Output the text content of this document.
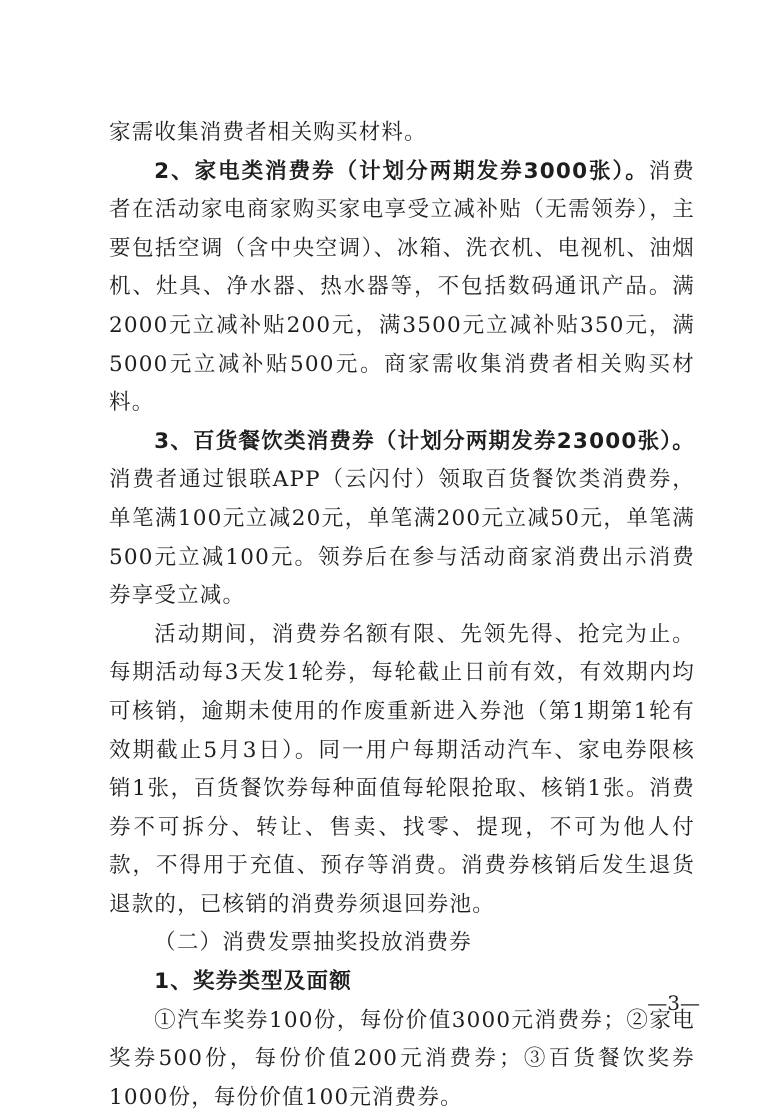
家需收集消费者相关购买材料。

2、家电类消费券（计划分两期发券3000张）。消费者在活动家电商家购买家电享受立减补贴（无需领券），主要包括空调（含中央空调）、冰箱、洗衣机、电视机、油烟机、灶具、净水器、热水器等，不包括数码通讯产品。满2000元立减补贴200元，满3500元立减补贴350元，满5000元立减补贴500元。商家需收集消费者相关购买材料。

3、百货餐饮类消费券（计划分两期发券23000张）。消费者通过银联APP（云闪付）领取百货餐饮类消费券，单笔满100元立减20元，单笔满200元立减50元，单笔满500元立减100元。领券后在参与活动商家消费出示消费券享受立减。

活动期间，消费券名额有限、先领先得、抢完为止。每期活动每3天发1轮券，每轮截止日前有效，有效期内均可核销，逾期未使用的作废重新进入券池（第1期第1轮有效期截止5月3日）。同一用户每期活动汽车、家电券限核销1张，百货餐饮券每种面值每轮限抢取、核销1张。消费券不可拆分、转让、售卖、找零、提现，不可为他人付款，不得用于充值、预存等消费。消费券核销后发生退货退款的，已核销的消费券须退回券池。

（二）消费发票抽奖投放消费券

1、奖券类型及面额

①汽车奖券100份，每份价值3000元消费券；②家电奖券500份，每份价值200元消费券；③百货餐饮奖券1000份，每份价值100元消费券。

—3—
